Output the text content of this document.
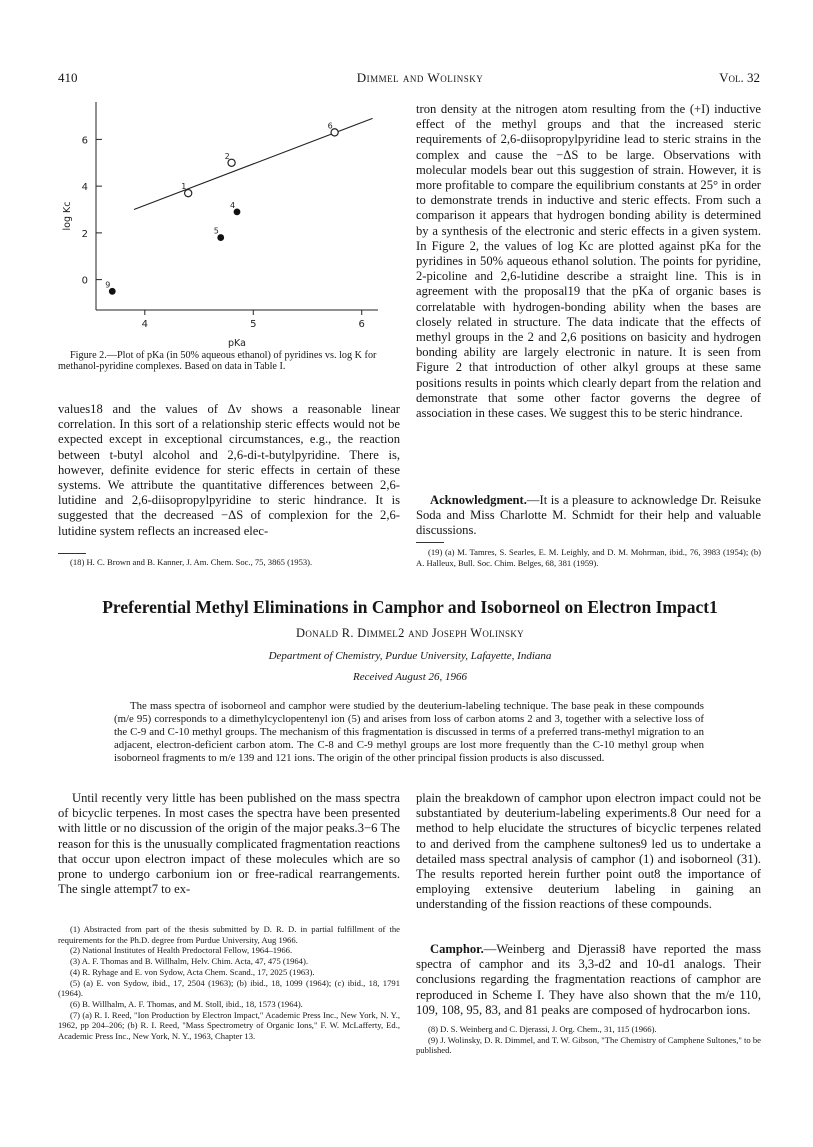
410	Dimmel and Wolinsky	Vol. 32
4	5	6
0
2
4
6
pKa
log Kc
1
2
6
4
5
9
Figure 2.—Plot of pKa (in 50% aqueous ethanol) of pyridines vs. log K for methanol-pyridine complexes. Based on data in Table I.

values18 and the values of Δν shows a reasonable linear correlation. In this sort of a relationship steric effects would not be expected except in exceptional circumstances, e.g., the reaction between t-butyl alcohol and 2,6-di-t-butylpyridine. There is, however, definite evidence for steric effects in certain of these systems. We attribute the quantitative differences between 2,6-lutidine and 2,6-diisopropylpyridine to steric hindrance. It is suggested that the decreased −ΔS of complexion for the 2,6-lutidine system reflects an increased elec-

(18) H. C. Brown and B. Kanner, J. Am. Chem. Soc., 75, 3865 (1953).

tron density at the nitrogen atom resulting from the (+I) inductive effect of the methyl groups and that the increased steric requirements of 2,6-diisopropylpyridine lead to steric strains in the complex and cause the −ΔS to be large. Observations with molecular models bear out this suggestion of strain. However, it is more profitable to compare the equilibrium constants at 25° in order to demonstrate trends in inductive and steric effects. From such a comparison it appears that hydrogen bonding ability is determined by a synthesis of the electronic and steric effects in a given system. In Figure 2, the values of log Kc are plotted against pKa for the pyridines in 50% aqueous ethanol solution. The points for pyridine, 2-picoline and 2,6-lutidine describe a straight line. This is in agreement with the proposal19 that the pKa of organic bases is correlatable with hydrogen-bonding ability when the bases are closely related in structure. The data indicate that the effects of methyl groups in the 2 and 2,6 positions on basicity and hydrogen bonding ability are largely electronic in nature. It is seen from Figure 2 that introduction of other alkyl groups at these same positions results in points which clearly depart from the relation and demonstrate that some other factor governs the degree of association in these cases. We suggest this to be steric hindrance.

Acknowledgment.—It is a pleasure to acknowledge Dr. Reisuke Soda and Miss Charlotte M. Schmidt for their help and valuable discussions.

(19) (a) M. Tamres, S. Searles, E. M. Leighly, and D. M. Mohrman, ibid., 76, 3983 (1954); (b) A. Halleux, Bull. Soc. Chim. Belges, 68, 381 (1959).

Preferential Methyl Eliminations in Camphor and Isoborneol on Electron Impact1
Donald R. Dimmel2 and Joseph Wolinsky
Department of Chemistry, Purdue University, Lafayette, Indiana
Received August 26, 1966

The mass spectra of isoborneol and camphor were studied by the deuterium-labeling technique. The base peak in these compounds (m/e 95) corresponds to a dimethylcyclopentenyl ion (5) and arises from loss of carbon atoms 2 and 3, together with a selective loss of the C-9 and C-10 methyl groups. The mechanism of this fragmentation is discussed in terms of a preferred trans-methyl migration to an adjacent, electron-deficient carbon atom. The C-8 and C-9 methyl groups are lost more frequently than the C-10 methyl group when isoborneol fragments to m/e 139 and 121 ions. The origin of the other principal fission products is also discussed.

Until recently very little has been published on the mass spectra of bicyclic terpenes. In most cases the spectra have been presented with little or no discussion of the origin of the major peaks.3−6 The reason for this is the unusually complicated fragmentation reactions that occur upon electron impact of these molecules which are so prone to undergo carbonium ion or free-radical rearrangements. The single attempt7 to ex-

(1) Abstracted from part of the thesis submitted by D. R. D. in partial fulfillment of the requirements for the Ph.D. degree from Purdue University, Aug 1966.

(2) National Institutes of Health Predoctoral Fellow, 1964–1966.

(3) A. F. Thomas and B. Willhalm, Helv. Chim. Acta, 47, 475 (1964).

(4) R. Ryhage and E. von Sydow, Acta Chem. Scand., 17, 2025 (1963).

(5) (a) E. von Sydow, ibid., 17, 2504 (1963); (b) ibid., 18, 1099 (1964); (c) ibid., 18, 1791 (1964).

(6) B. Willhalm, A. F. Thomas, and M. Stoll, ibid., 18, 1573 (1964).

(7) (a) R. I. Reed, "Ion Production by Electron Impact," Academic Press Inc., New York, N. Y., 1962, pp 204–206; (b) R. I. Reed, "Mass Spectrometry of Organic Ions," F. W. McLafferty, Ed., Academic Press Inc., New York, N. Y., 1963, Chapter 13.

plain the breakdown of camphor upon electron impact could not be substantiated by deuterium-labeling experiments.8 Our need for a method to help elucidate the structures of bicyclic terpenes related to and derived from the camphene sultones9 led us to undertake a detailed mass spectral analysis of camphor (1) and isoborneol (31). The results reported herein further point out8 the importance of employing extensive deuterium labeling in gaining an understanding of the fission reactions of these compounds.

Camphor.—Weinberg and Djerassi8 have reported the mass spectra of camphor and its 3,3-d2 and 10-d1 analogs. Their conclusions regarding the fragmentation reactions of camphor are reproduced in Scheme I. They have also shown that the m/e 110, 109, 108, 95, 83, and 81 peaks are composed of hydrocarbon ions.

(8) D. S. Weinberg and C. Djerassi, J. Org. Chem., 31, 115 (1966).

(9) J. Wolinsky, D. R. Dimmel, and T. W. Gibson, "The Chemistry of Camphene Sultones," to be published.
